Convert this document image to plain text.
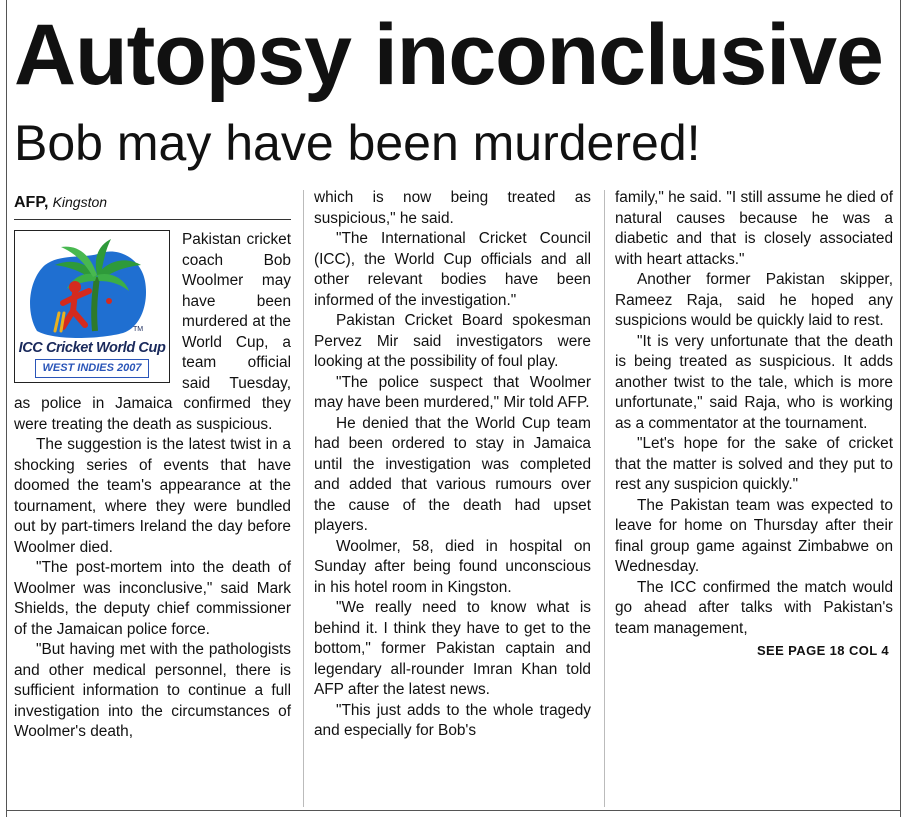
Autopsy inconclusive
Bob may have been murdered!
AFP, Kingston
TM
ICC Cricket World Cup
WEST INDIES 2007

Pakistan cricket coach Bob Woolmer may have been murdered at the World Cup, a team official said Tuesday, as police in Jamaica confirmed they were treating the death as suspicious.

The suggestion is the latest twist in a shocking series of events that have doomed the team's appearance at the tournament, where they were bundled out by part-timers Ireland the day before Woolmer died.

"The post-mortem into the death of Woolmer was inconclusive," said Mark Shields, the deputy chief commissioner of the Jamaican police force.

"But having met with the pathologists and other medical personnel, there is sufficient information to continue a full investigation into the circumstances of Woolmer's death,

which is now being treated as suspicious," he said.

"The International Cricket Council (ICC), the World Cup officials and all other relevant bodies have been informed of the investigation."

Pakistan Cricket Board spokesman Pervez Mir said investigators were looking at the possibility of foul play.

"The police suspect that Woolmer may have been murdered," Mir told AFP.

He denied that the World Cup team had been ordered to stay in Jamaica until the investigation was completed and added that various rumours over the cause of the death had upset players.

Woolmer, 58, died in hospital on Sunday after being found unconscious in his hotel room in Kingston.

"We really need to know what is behind it. I think they have to get to the bottom," former Pakistan captain and legendary all-rounder Imran Khan told AFP after the latest news.

"This just adds to the whole tragedy and especially for Bob's

family," he said. "I still assume he died of natural causes because he was a diabetic and that is closely associated with heart attacks."

Another former Pakistan skipper, Rameez Raja, said he hoped any suspicions would be quickly laid to rest.

"It is very unfortunate that the death is being treated as suspicious. It adds another twist to the tale, which is more unfortunate," said Raja, who is working as a commentator at the tournament.

"Let's hope for the sake of cricket that the matter is solved and they put to rest any suspicion quickly."

The Pakistan team was expected to leave for home on Thursday after their final group game against Zimbabwe on Wednesday.

The ICC confirmed the match would go ahead after talks with Pakistan's team management,

SEE PAGE 18 COL 4
